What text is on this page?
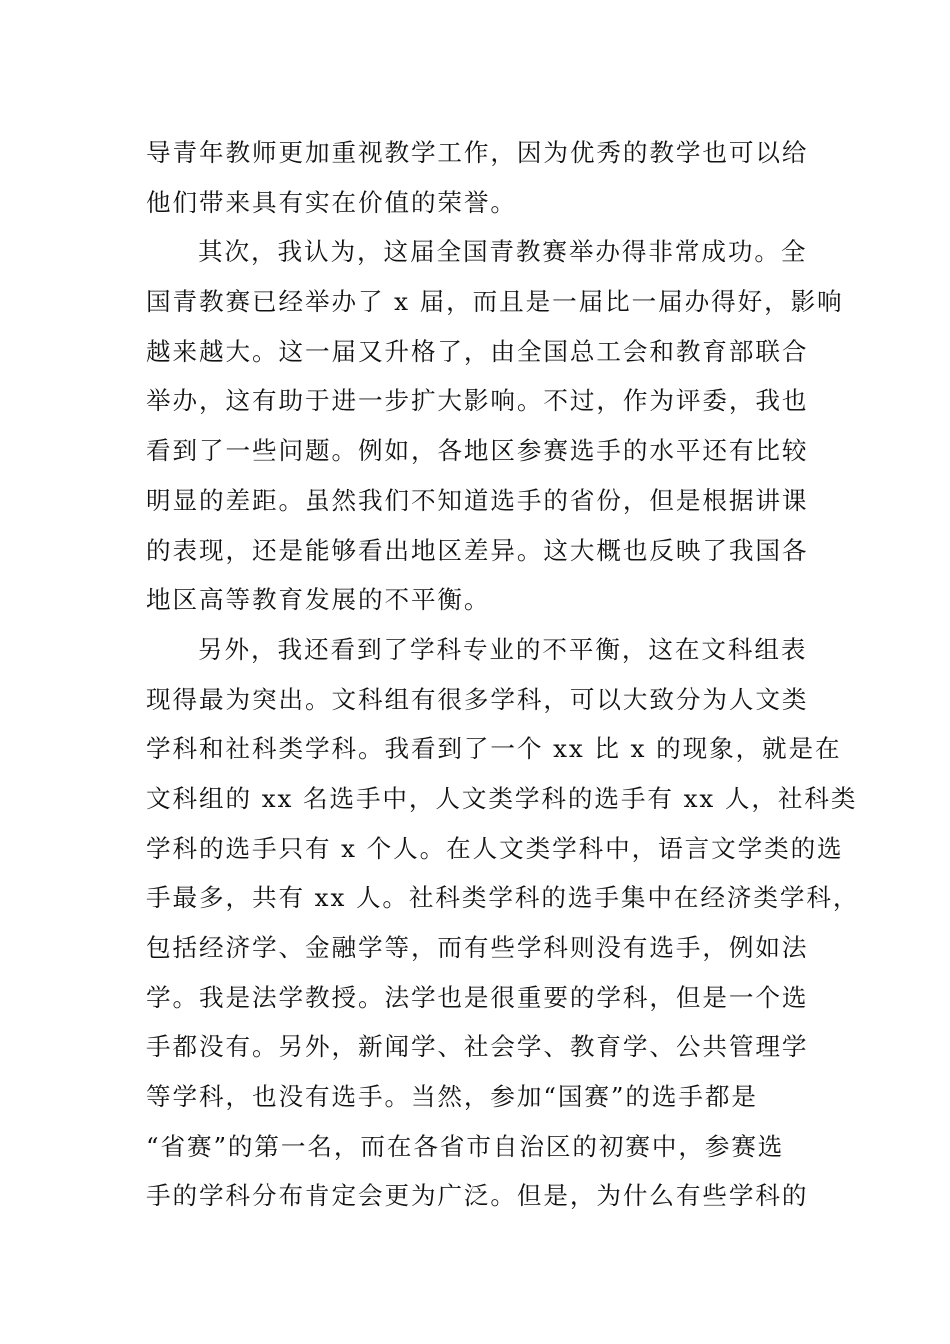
导青年教师更加重视教学工作，因为优秀的教学也可以给
他们带来具有实在价值的荣誉。
其次，我认为，这届全国青教赛举办得非常成功。全
国青教赛已经举办了 x 届，而且是一届比一届办得好，影响
越来越大。这一届又升格了，由全国总工会和教育部联合
举办，这有助于进一步扩大影响。不过，作为评委，我也
看到了一些问题。例如，各地区参赛选手的水平还有比较
明显的差距。虽然我们不知道选手的省份，但是根据讲课
的表现，还是能够看出地区差异。这大概也反映了我国各
地区高等教育发展的不平衡。
另外，我还看到了学科专业的不平衡，这在文科组表
现得最为突出。文科组有很多学科，可以大致分为人文类
学科和社科类学科。我看到了一个 xx 比 x 的现象，就是在
文科组的 xx 名选手中，人文类学科的选手有 xx 人，社科类
学科的选手只有 x 个人。在人文类学科中，语言文学类的选
手最多，共有 xx 人。社科类学科的选手集中在经济类学科，
包括经济学、金融学等，而有些学科则没有选手，例如法
学。我是法学教授。法学也是很重要的学科，但是一个选
手都没有。另外，新闻学、社会学、教育学、公共管理学
等学科，也没有选手。当然，参加“国赛”的选手都是
“省赛”的第一名，而在各省市自治区的初赛中，参赛选
手的学科分布肯定会更为广泛。但是，为什么有些学科的
